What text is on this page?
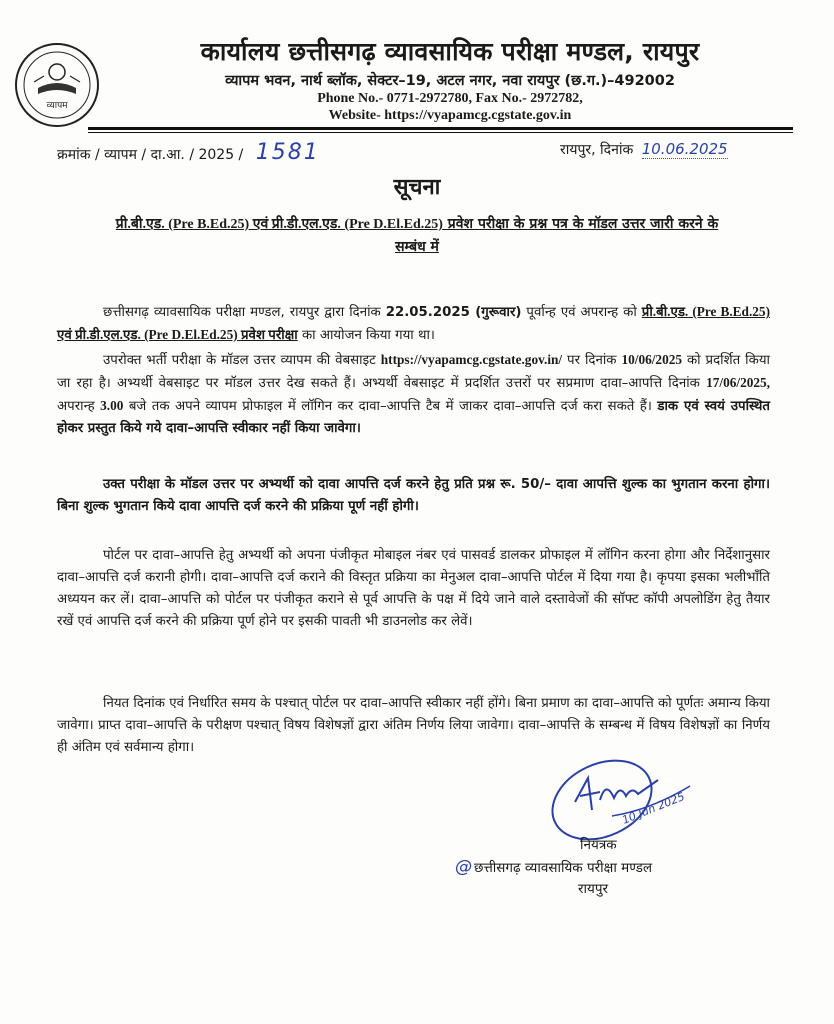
व्यापम
कार्यालय छत्तीसगढ़ व्यावसायिक परीक्षा मण्डल, रायपुर
व्यापम भवन, नार्थ ब्लॉक, सेक्टर–19, अटल नगर, नवा रायपुर (छ.ग.)–492002
Phone No.- 0771-2972780, Fax No.- 2972782,
Website- https://vyapamcg.cgstate.gov.in
क्रमांक / व्यापम / दा.आ. / 2025 / 1581	रायपुर, दिनांक 10.06.2025
सूचना
प्री.बी.एड. (Pre B.Ed.25) एवं प्री.डी.एल.एड. (Pre D.El.Ed.25) प्रवेश परीक्षा के प्रश्न पत्र के मॉडल उत्तर जारी करने के सम्बंध में

छत्तीसगढ़ व्यावसायिक परीक्षा मण्डल, रायपुर द्वारा दिनांक 22.05.2025 (गुरूवार) पूर्वान्ह एवं अपरान्ह को प्री.बी.एड. (Pre B.Ed.25) एवं प्री.डी.एल.एड. (Pre D.El.Ed.25) प्रवेश परीक्षा का आयोजन किया गया था।

उपरोक्त भर्ती परीक्षा के मॉडल उत्तर व्यापम की वेबसाइट https://vyapamcg.cgstate.gov.in/ पर दिनांक 10/06/2025 को प्रदर्शित किया जा रहा है। अभ्यर्थी वेबसाइट पर मॉडल उत्तर देख सकते हैं। अभ्यर्थी वेबसाइट में प्रदर्शित उत्तरों पर सप्रमाण दावा–आपत्ति दिनांक 17/06/2025, अपरान्ह 3.00 बजे तक अपने व्यापम प्रोफाइल में लॉगिन कर दावा–आपत्ति टैब में जाकर दावा–आपत्ति दर्ज करा सकते हैं। डाक एवं स्वयं उपस्थित होकर प्रस्तुत किये गये दावा–आपत्ति स्वीकार नहीं किया जावेगा।

उक्त परीक्षा के मॉडल उत्तर पर अभ्यर्थी को दावा आपत्ति दर्ज करने हेतु प्रति प्रश्न रू. 50/– दावा आपत्ति शुल्क का भुगतान करना होगा। बिना शुल्क भुगतान किये दावा आपत्ति दर्ज करने की प्रक्रिया पूर्ण नहीं होगी।

पोर्टल पर दावा–आपत्ति हेतु अभ्यर्थी को अपना पंजीकृत मोबाइल नंबर एवं पासवर्ड डालकर प्रोफाइल में लॉगिन करना होगा और निर्देशानुसार दावा–आपत्ति दर्ज करानी होगी। दावा–आपत्ति दर्ज कराने की विस्तृत प्रक्रिया का मेनुअल दावा–आपत्ति पोर्टल में दिया गया है। कृपया इसका भलीभाँति अध्ययन कर लें। दावा–आपत्ति को पोर्टल पर पंजीकृत कराने से पूर्व आपत्ति के पक्ष में दिये जाने वाले दस्तावेजों की सॉफ्ट कॉपी अपलोडिंग हेतु तैयार रखें एवं आपत्ति दर्ज करने की प्रक्रिया पूर्ण होने पर इसकी पावती भी डाउनलोड कर लेवें।

नियत दिनांक एवं निर्धारित समय के पश्चात् पोर्टल पर दावा–आपत्ति स्वीकार नहीं होंगे। बिना प्रमाण का दावा–आपत्ति को पूर्णतः अमान्य किया जावेगा। प्राप्त दावा–आपत्ति के परीक्षण पश्चात् विषय विशेषज्ञों द्वारा अंतिम निर्णय लिया जावेगा। दावा–आपत्ति के सम्बन्ध में विषय विशेषज्ञों का निर्णय ही अंतिम एवं सर्वमान्य होगा।

10 Jun 2025
नियंत्रक
@ छत्तीसगढ़ व्यावसायिक परीक्षा मण्डल
रायपुर
